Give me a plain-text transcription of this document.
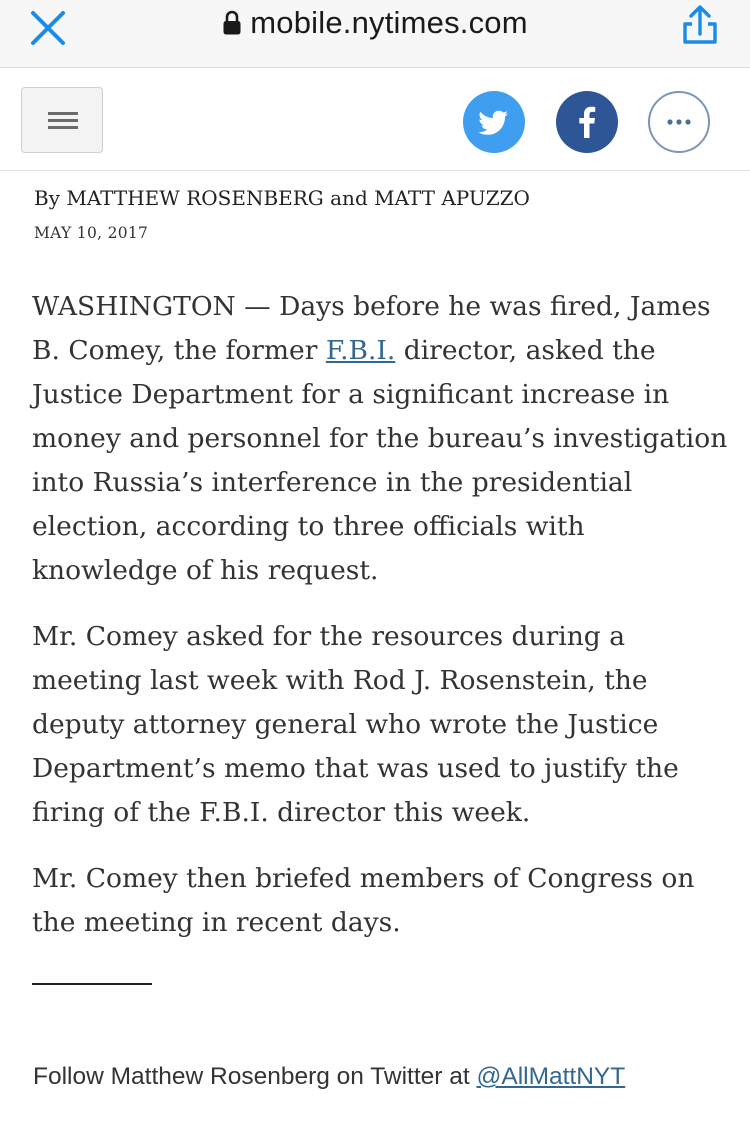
mobile.nytimes.com
By MATTHEW ROSENBERG and MATT APUZZO
MAY 10, 2017

WASHINGTON — Days before he was fired, James B. Comey, the former F.B.I. director, asked the Justice Department for a significant increase in money and personnel for the bureau’s investigation into Russia’s interference in the presidential election, according to three officials with knowledge of his request.

Mr. Comey asked for the resources during a meeting last week with Rod J. Rosenstein, the deputy attorney general who wrote the Justice Department’s memo that was used to justify the firing of the F.B.I. director this week.

Mr. Comey then briefed members of Congress on the meeting in recent days.

Follow Matthew Rosenberg on Twitter at @AllMattNYT
